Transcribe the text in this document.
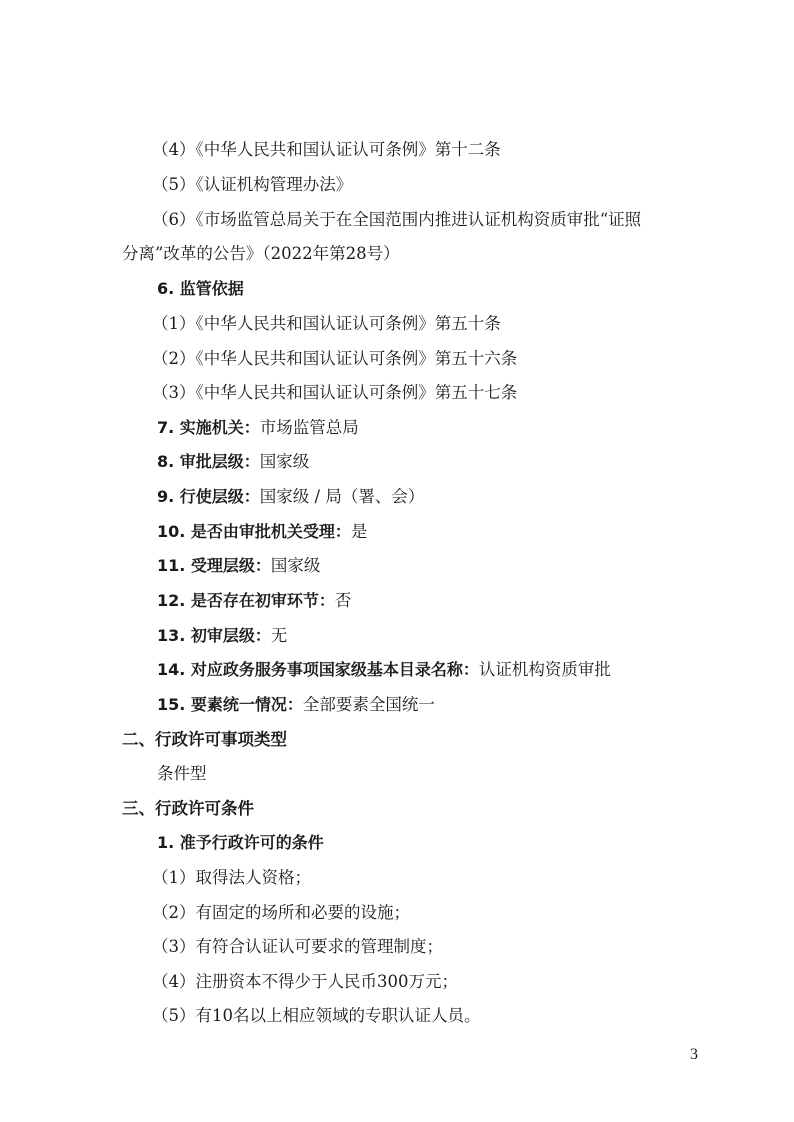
（4）《中华人民共和国认证认可条例》第十二条
（5）《认证机构管理办法》
（6）《市场监管总局关于在全国范围内推进认证机构资质审批“证照
分离”改革的公告》（2022年第28号）
6. 监管依据
（1）《中华人民共和国认证认可条例》第五十条
（2）《中华人民共和国认证认可条例》第五十六条
（3）《中华人民共和国认证认可条例》第五十七条
7. 实施机关：市场监管总局
8. 审批层级：国家级
9. 行使层级：国家级 / 局（署、会）
10. 是否由审批机关受理：是
11. 受理层级：国家级
12. 是否存在初审环节：否
13. 初审层级：无
14. 对应政务服务事项国家级基本目录名称：认证机构资质审批
15. 要素统一情况：全部要素全国统一
二、行政许可事项类型
条件型
三、行政许可条件
1. 准予行政许可的条件
（1）取得法人资格；
（2）有固定的场所和必要的设施；
（3）有符合认证认可要求的管理制度；
（4）注册资本不得少于人民币300万元；
（5）有10名以上相应领域的专职认证人员。
3
